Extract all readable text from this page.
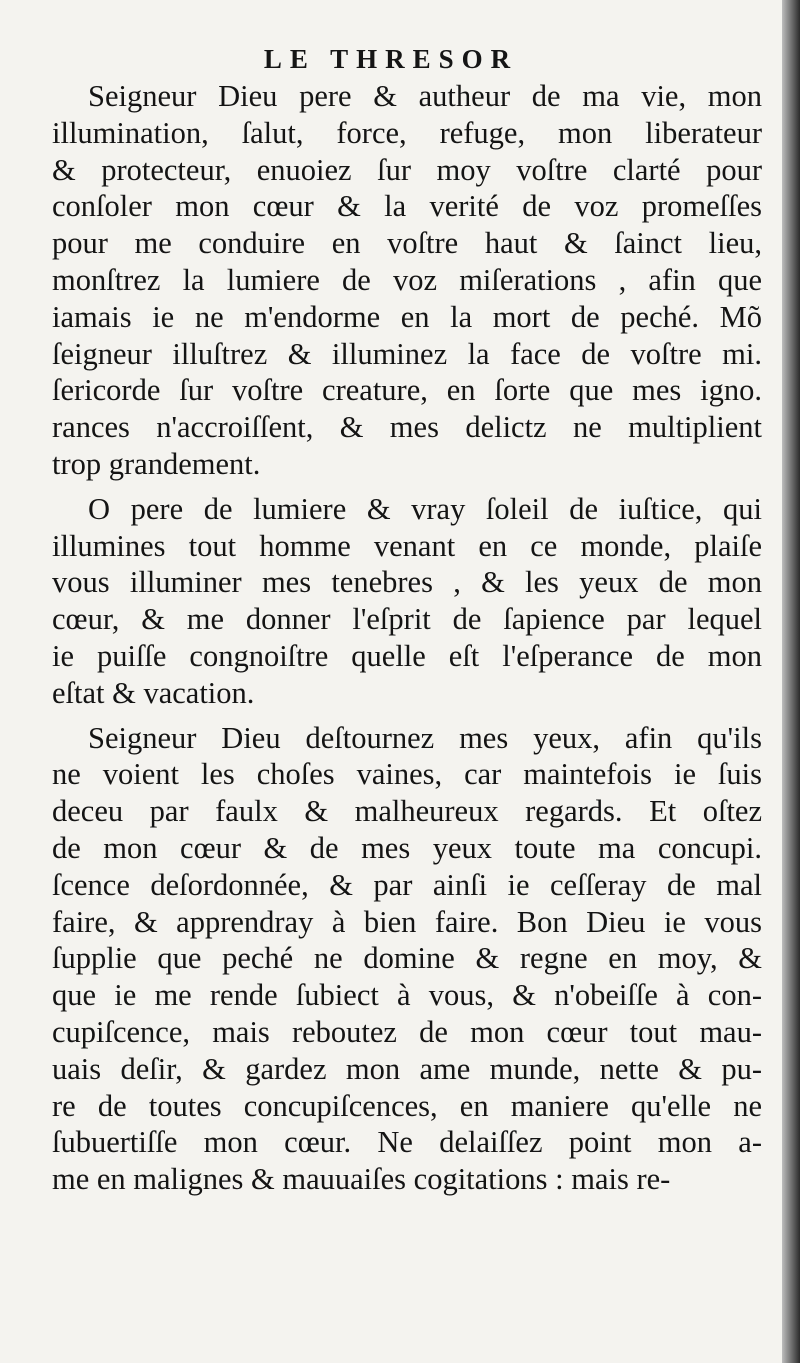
LE THRESOR
Seigneur Dieu pere & autheur de ma vie, mon
illumination, ſalut, force, refuge, mon liberateur
& protecteur, enuoiez ſur moy voſtre clarté pour
conſoler mon cœur & la verité de voz promeſſes
pour me conduire en voſtre haut & ſainct lieu,
monſtrez la lumiere de voz miſerations , afin que
iamais ie ne m'endorme en la mort de peché. Mõ
ſeigneur illuſtrez & illuminez la face de voſtre mi.
ſericorde ſur voſtre creature, en ſorte que mes igno.
rances n'accroiſſent, & mes delictz ne multiplient
trop grandement.
O pere de lumiere & vray ſoleil de iuſtice, qui
illumines tout homme venant en ce monde, plaiſe
vous illuminer mes tenebres , & les yeux de mon
cœur, & me donner l'eſprit de ſapience par lequel
ie puiſſe congnoiſtre quelle eſt l'eſperance de mon
eſtat & vacation.
Seigneur Dieu deſtournez mes yeux, afin qu'ils
ne voient les choſes vaines, car maintefois ie ſuis
deceu par faulx & malheureux regards. Et oſtez
de mon cœur & de mes yeux toute ma concupi.
ſcence deſordonnée, & par ainſi ie ceſſeray de mal
faire, & apprendray à bien faire. Bon Dieu ie vous
ſupplie que peché ne domine & regne en moy, &
que ie me rende ſubiect à vous, & n'obeiſſe à con-
cupiſcence, mais reboutez de mon cœur tout mau-
uais deſir, & gardez mon ame munde, nette & pu-
re de toutes concupiſcences, en maniere qu'elle ne
ſubuertiſſe mon cœur. Ne delaiſſez point mon a-
me en malignes & mauuaiſes cogitations : mais re-
